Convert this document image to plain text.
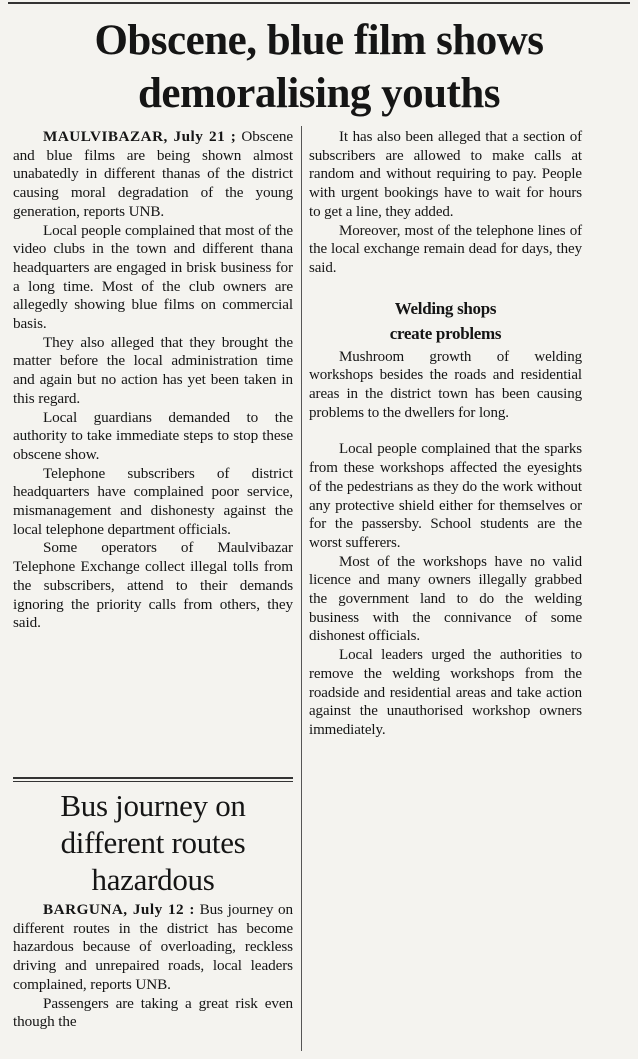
Obscene, blue film shows
demoralising youths

MAULVIBAZAR, July 21 ; Obscene and blue films are being shown almost unabatedly in different thanas of the district causing moral degradation of the young generation, reports UNB.

Local people complained that most of the video clubs in the town and different thana headquarters are engaged in brisk business for a long time. Most of the club owners are allegedly showing blue films on commercial basis.

They also alleged that they brought the matter before the local administration time and again but no action has yet been taken in this regard.

Local guardians demanded to the authority to take immediate steps to stop these obscene show.

Telephone subscribers of district headquarters have complained poor service, mismanagement and dishonesty against the local telephone department officials.

Some operators of Maulvibazar Telephone Exchange collect illegal tolls from the subscribers, attend to their demands ignoring the priority calls from others, they said.

It has also been alleged that a section of subscribers are allowed to make calls at random and without requiring to pay. People with urgent bookings have to wait for hours to get a line, they added.

Moreover, most of the telephone lines of the local exchange remain dead for days, they said.

Welding shops
create problems

Mushroom growth of welding workshops besides the roads and residential areas in the district town has been causing problems to the dwellers for long.

Local people complained that the sparks from these workshops affected the eyesights of the pedestrians as they do the work without any protective shield either for themselves or for the passersby. School students are the worst sufferers.

Most of the workshops have no valid licence and many owners illegally grabbed the government land to do the welding business with the connivance of some dishonest officials.

Local leaders urged the authorities to remove the welding workshops from the roadside and residential areas and take action against the unauthorised workshop owners immediately.

Bus journey on
different routes
hazardous

BARGUNA, July 12 : Bus journey on different routes in the district has become hazardous because of overloading, reckless driving and unrepaired roads, local leaders complained, reports UNB.

Passengers are taking a great risk even though the
